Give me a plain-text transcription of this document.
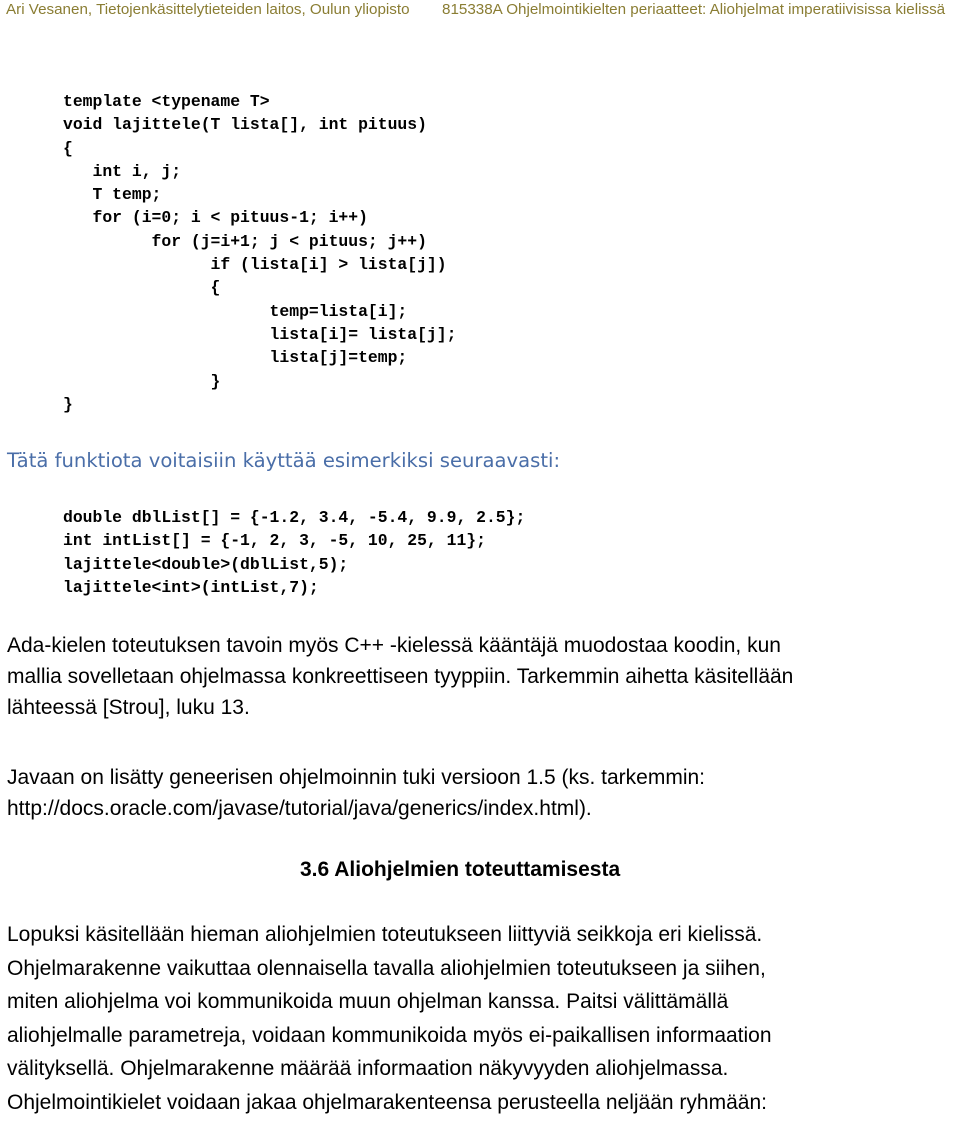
Ari Vesanen, Tietojenkäsittelytieteiden laitos, Oulun yliopisto 815338A Ohjelmointikielten periaatteet: Aliohjelmat imperatiivisissa kielissä
template <typename T>
void lajittele(T lista[], int pituus)
{
int i, j;
T temp;
for (i=0; i < pituus-1; i++)
for (j=i+1; j < pituus; j++)
if (lista[i] > lista[j])
{
temp=lista[i];
lista[i]= lista[j];
lista[j]=temp;
}
}

Tätä funktiota voitaisiin käyttää esimerkiksi seuraavasti:

double dblList[] = {-1.2, 3.4, -5.4, 9.9, 2.5};
int intList[] = {-1, 2, 3, -5, 10, 25, 11};
lajittele<double>(dblList,5);
lajittele<int>(intList,7);
Ada-kielen toteutuksen tavoin myös C++ -kielessä kääntäjä muodostaa koodin, kun
mallia sovelletaan ohjelmassa konkreettiseen tyyppiin. Tarkemmin aihetta käsitellään
lähteessä [Strou], luku 13.
Javaan on lisätty geneerisen ohjelmoinnin tuki versioon 1.5 (ks. tarkemmin:
http://docs.oracle.com/javase/tutorial/java/generics/index.html).
3.6 Aliohjelmien toteuttamisesta
Lopuksi käsitellään hieman aliohjelmien toteutukseen liittyviä seikkoja eri kielissä.
Ohjelmarakenne vaikuttaa olennaisella tavalla aliohjelmien toteutukseen ja siihen,
miten aliohjelma voi kommunikoida muun ohjelman kanssa. Paitsi välittämällä
aliohjelmalle parametreja, voidaan kommunikoida myös ei-paikallisen informaation
välityksellä. Ohjelmarakenne määrää informaation näkyvyyden aliohjelmassa.
Ohjelmointikielet voidaan jakaa ohjelmarakenteensa perusteella neljään ryhmään:
